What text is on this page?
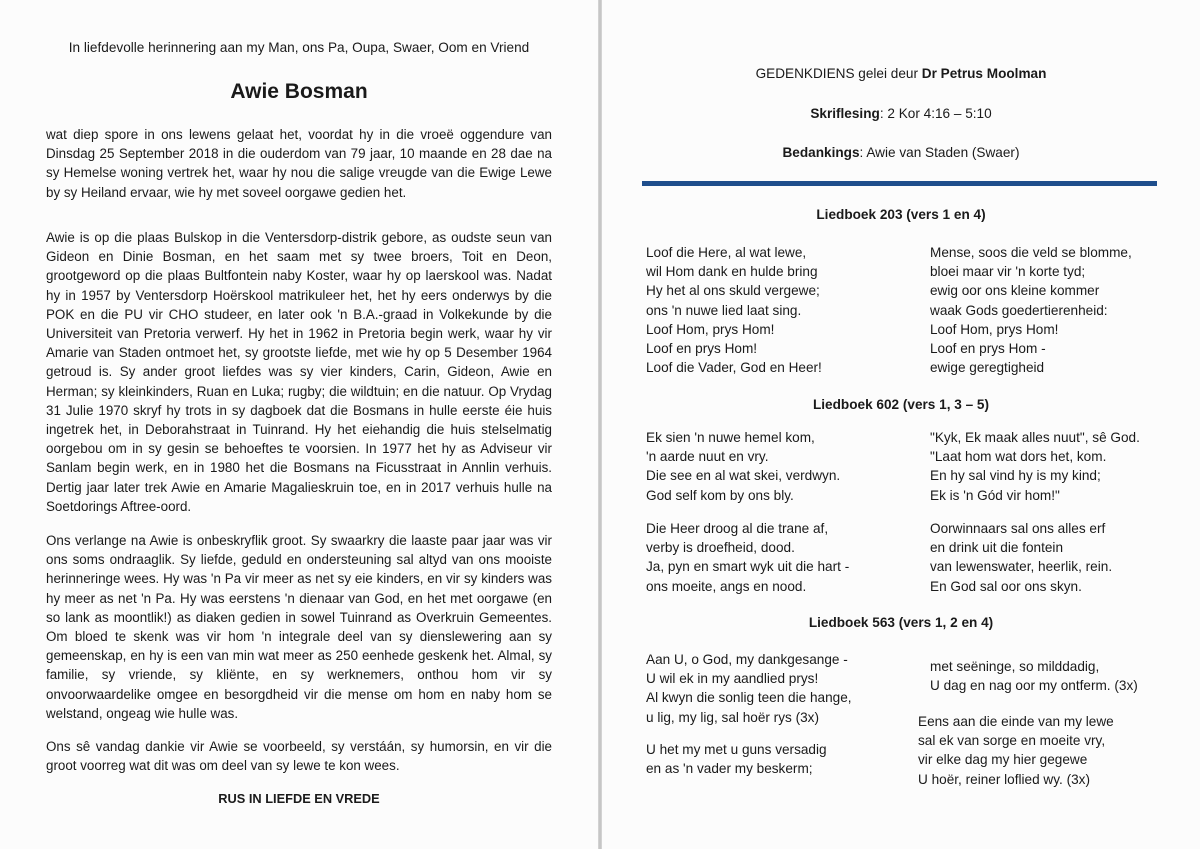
In liefdevolle herinnering aan my Man, ons Pa, Oupa, Swaer, Oom en Vriend
Awie Bosman
wat diep spore in ons lewens gelaat het, voordat hy in die vroeë oggendure van Dinsdag 25 September 2018 in die ouderdom van 79 jaar, 10 maande en 28 dae na sy Hemelse woning vertrek het, waar hy nou die salige vreugde van die Ewige Lewe by sy Heiland ervaar, wie hy met soveel oorgawe gedien het.
Awie is op die plaas Bulskop in die Ventersdorp-distrik gebore, as oudste seun van Gideon en Dinie Bosman, en het saam met sy twee broers, Toit en Deon, grootgeword op die plaas Bultfontein naby Koster, waar hy op laerskool was. Nadat hy in 1957 by Ventersdorp Hoërskool matrikuleer het, het hy eers onderwys by die POK en die PU vir CHO studeer, en later ook 'n B.A.-graad in Volkekunde by die Universiteit van Pretoria verwerf. Hy het in 1962 in Pretoria begin werk, waar hy vir Amarie van Staden ontmoet het, sy grootste liefde, met wie hy op 5 Desember 1964 getroud is. Sy ander groot liefdes was sy vier kinders, Carin, Gideon, Awie en Herman; sy kleinkinders, Ruan en Luka; rugby; die wildtuin; en die natuur. Op Vrydag 31 Julie 1970 skryf hy trots in sy dagboek dat die Bosmans in hulle eerste éie huis ingetrek het, in Deborahstraat in Tuinrand. Hy het eiehandig die huis stelselmatig oorgebou om in sy gesin se behoeftes te voorsien. In 1977 het hy as Adviseur vir Sanlam begin werk, en in 1980 het die Bosmans na Ficusstraat in Annlin verhuis. Dertig jaar later trek Awie en Amarie Magalieskruin toe, en in 2017 verhuis hulle na Soetdorings Aftree-oord.
Ons verlange na Awie is onbeskryflik groot. Sy swaarkry die laaste paar jaar was vir ons soms ondraaglik. Sy liefde, geduld en ondersteuning sal altyd van ons mooiste herinneringe wees. Hy was 'n Pa vir meer as net sy eie kinders, en vir sy kinders was hy meer as net 'n Pa. Hy was eerstens 'n dienaar van God, en het met oorgawe (en so lank as moontlik!) as diaken gedien in sowel Tuinrand as Overkruin Gemeentes. Om bloed te skenk was vir hom 'n integrale deel van sy dienslewering aan sy gemeenskap, en hy is een van min wat meer as 250 eenhede geskenk het. Almal, sy familie, sy vriende, sy kliënte, en sy werknemers, onthou hom vir sy onvoorwaardelike omgee en besorgdheid vir die mense om hom en naby hom se welstand, ongeag wie hulle was.
Ons sê vandag dankie vir Awie se voorbeeld, sy verstáán, sy humorsin, en vir die groot voorreg wat dit was om deel van sy lewe te kon wees.
RUS IN LIEFDE EN VREDE
GEDENKDIENS gelei deur Dr Petrus Moolman
Skriflesing: 2 Kor 4:16 – 5:10
Bedankings: Awie van Staden (Swaer)
Liedboek 203 (vers 1 en 4)
Loof die Here, al wat lewe,
wil Hom dank en hulde bring
Hy het al ons skuld vergewe;
ons 'n nuwe lied laat sing.
Loof Hom, prys Hom!
Loof en prys Hom!
Loof die Vader, God en Heer!
Mense, soos die veld se blomme,
bloei maar vir 'n korte tyd;
ewig oor ons kleine kommer
waak Gods goedertierenheid:
Loof Hom, prys Hom!
Loof en prys Hom -
ewige geregtigheid
Liedboek 602 (vers 1, 3 – 5)
Ek sien 'n nuwe hemel kom,
'n aarde nuut en vry.
Die see en al wat skei, verdwyn.
God self kom by ons bly.
"Kyk, Ek maak alles nuut", sê God.
"Laat hom wat dors het, kom.
En hy sal vind hy is my kind;
Ek is 'n Gód vir hom!"
Die Heer droog al die trane af,
verby is droefheid, dood.
Ja, pyn en smart wyk uit die hart -
ons moeite, angs en nood.
Oorwinnaars sal ons alles erf
en drink uit die fontein
van lewenswater, heerlik, rein.
En God sal oor ons skyn.
Liedboek 563 (vers 1, 2 en 4)
Aan U, o God, my dankgesange -
U wil ek in my aandlied prys!
Al kwyn die sonlig teen die hange,
u lig, my lig, sal hoër rys (3x)
U het my met u guns versadig
en as 'n vader my beskerm;
met seëninge, so milddadig,
U dag en nag oor my ontferm. (3x)
Eens aan die einde van my lewe
sal ek van sorge en moeite vry,
vir elke dag my hier gegewe
U hoër, reiner loflied wy. (3x)
